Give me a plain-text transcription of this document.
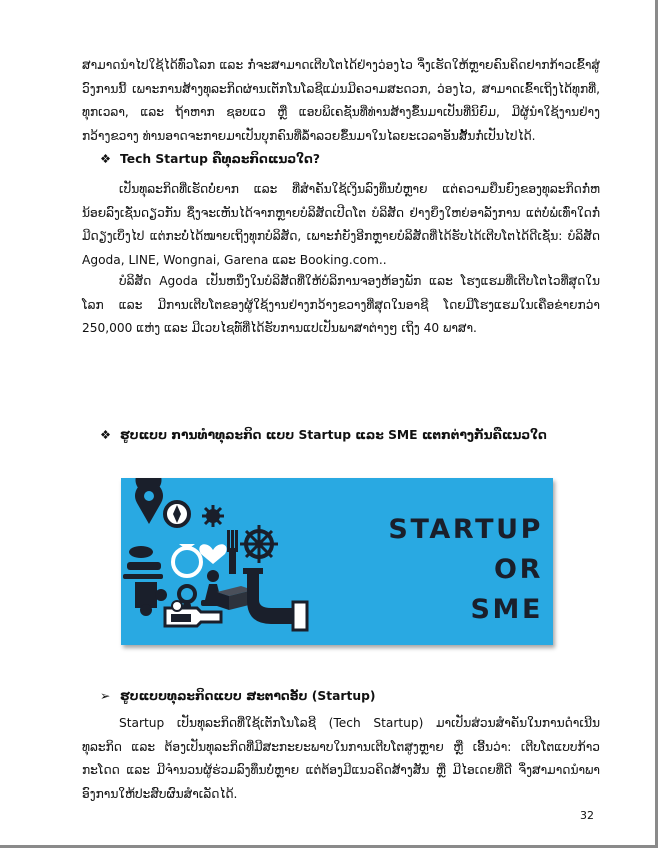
ສາມາດນຳໄປໃຊ້ໄດ້ທົ່ວໂລກ ແລະ ກໍ່ຈະສາມາດເຕີບໂຕໄດ້ຢ່າງວ່ອງໄວ ຈຶ່ງເຮັດໃຫ້ຫຼາຍຄົນຄິດຢາກກ້າວເຂົ້າສູ່ວົງການນີ້ ເພາະການສ້າງທຸລະກິດຜ່ານເຕັກໂນໂລຊີແມ່ນມີຄວາມສະດວກ, ວ່ອງໄວ, ສາມາດເຂົ້າເຖິງໄດ້ທຸກທີ່, ທຸກເວລາ, ແລະ ຖ້າຫາກ ຊອບແວ ຫຼື ແອບພິເຄຊັນທີ່ທ່ານສ້າງຂຶ້ນມາເປັນທີ່ນິຍົມ, ມີຜູ້ນຳໃຊ້ງານຢ່າງກວ້າງຂວາງ ທ່ານອາດຈະກາຍມາເປັນບຸກຄົນທີ່ລ້ຳລວຍຂຶ້ນມາໃນໄລຍະເວລາອັນສັ້ນກໍ່ເປັນໄປໄດ້.

❖ Tech Startup ຄືທຸລະກິດແນວໃດ?

ເປັນທຸລະກິດທີ່ເຮັດບໍ່ຍາກ ແລະ ທີ່ສຳຄັນໃຊ້ເງິນລົງທຶນບໍ່ຫຼາຍ ແຕ່ຄວາມຍືນຍົງຂອງທຸລະກິດກໍ່ຫນ້ອຍລົງເຊັ່ນດຽວກັນ ຊຶ່ງຈະເຫັນໄດ້ຈາກຫຼາຍບໍລິສັດເປີດໂຕ ບໍລິສັດ ຢ່າງຍິ່ງໃຫຍ່ອາລັງການ ແຕ່ບໍ່ພໍເທົ່າໃດກໍ່ມີດຽງເບິ່ງໄປ ແຕ່ກະບໍ່ໄດ້ໝາຍເຖິງທຸກບໍລິສັດ, ເພາະກໍ່ຍັງອີກຫຼາຍບໍລິສັດທີ່ໄດ້ຮັບໄດ້ເຕີບໂຕໄດ້ດີເຊັ່ນ: ບໍລິສັດ Agoda, LINE, Wongnai, Garena ແລະ Booking.com..

ບໍລິສັດ Agoda ເປັນຫນຶ່ງໃນບໍລິສັດທີ່ໃຫ້ບໍລິການຈອງຫ້ອງພັກ ແລະ ໂຮງແຮມທີ່ເຕີບໂຕໄວທີ່ສຸດໃນໂລກ ແລະ ມີການເຕີບໂຕຂອງຜູ້ໃຊ້ງານຢ່າງກວ້າງຂວາງທີ່ສຸດໃນອາຊີ ໂດຍມີໂຮງແຮມໃນເຄືອຂ່າຍກວ່າ 250,000 ແຫ່ງ ແລະ ມີເວບໄຊທ໌ທີ່ໄດ້ຮັບການແປເປັນພາສາຕ່າງໆ ເຖິງ 40 ພາສາ.

❖ ຮູບແບບ ການທຳທຸລະກິດ ແບບ Startup ແລະ SME ແຕກຕ່າງກັນຄືແນວໃດ
STARTUP
OR
SME
➢ ຮູບແບບທຸລະກິດແບບ ສະຕາດອັບ (Startup)

Startup ເປັນທຸລະກິດທີ່ໃຊ້ເຕັກໂນໂລຊີ (Tech Startup) ມາເປັນສ່ວນສຳຄັນໃນການດຳເນີນທຸລະກິດ ແລະ ຕ້ອງເປັນທຸລະກິດທີ່ມີສະກະຍະພາບໃນການເຕີບໂຕສູງຫຼາຍ ຫຼື ເອີ້ນວ່າ: ເຕີບໂຕແບບກ້າວກະໂດດ ແລະ ມີຈຳນວນຜູ້ຮ່ວມລົງທຶນບໍ່ຫຼາຍ ແຕ່ຕ້ອງມີແນວຄິດສ້າງສັນ ຫຼື ມີໄອເດຍທີ່ດີ ຈຶ່ງສາມາດນຳພາອົງການໃຫ້ປະສົບຜົນສຳເລັດໄດ້.

32
